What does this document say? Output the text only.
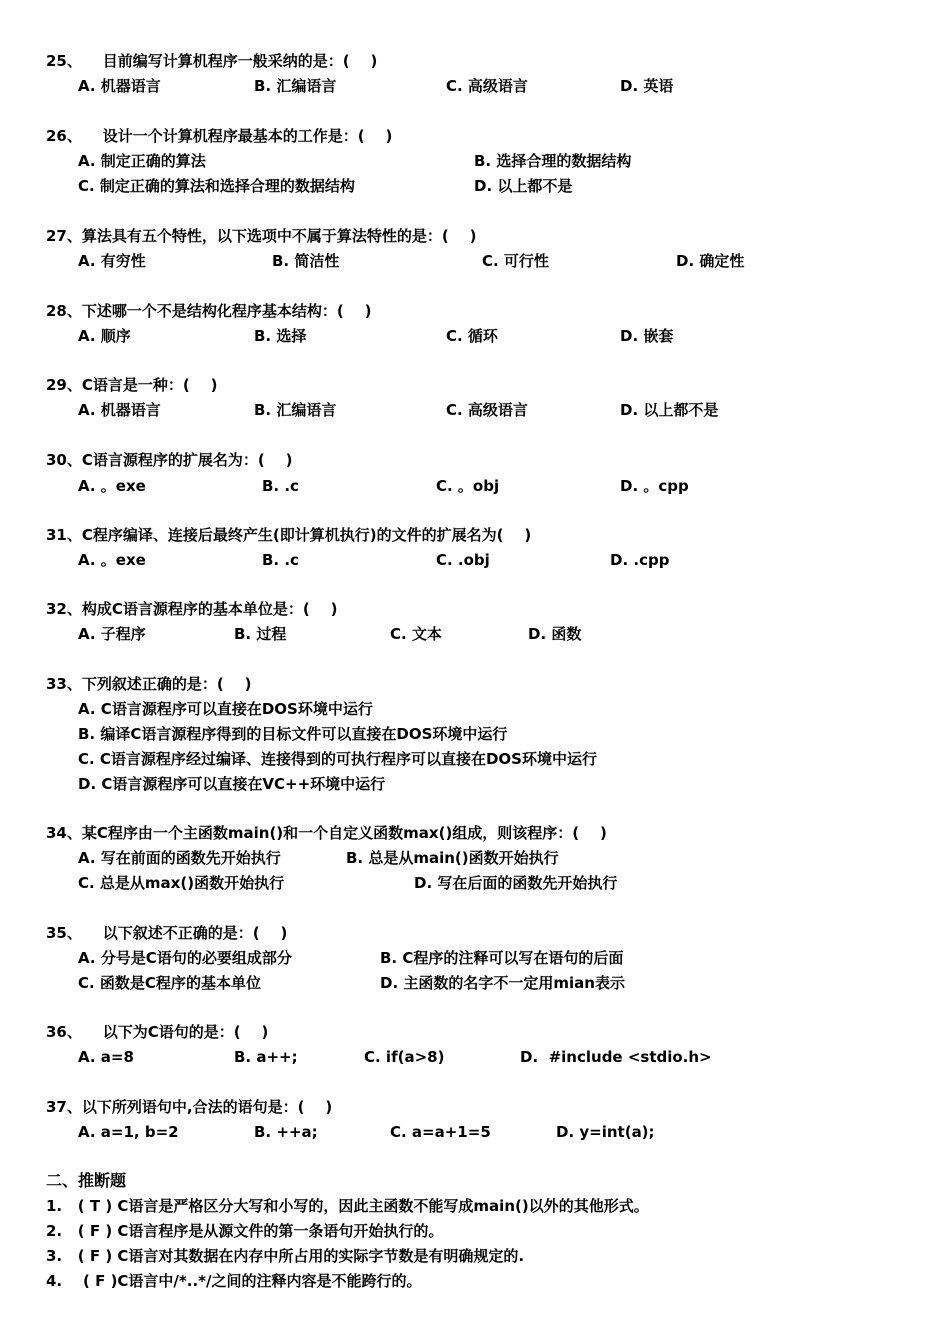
25、    目前编写计算机程序一般采纳的是：(    )
A. 机器语言	B. 汇编语言	C. 高级语言	D. 英语
26、    设计一个计算机程序最基本的工作是：(    )
A. 制定正确的算法	B. 选择合理的数据结构
C. 制定正确的算法和选择合理的数据结构	D. 以上都不是
27、算法具有五个特性，以下选项中不属于算法特性的是：(    )
A. 有穷性	B. 简洁性	C. 可行性	D. 确定性
28、下述哪一个不是结构化程序基本结构：(    )
A. 顺序	B. 选择	C. 循环	D. 嵌套
29、C语言是一种：(    )
A. 机器语言	B. 汇编语言	C. 高级语言	D. 以上都不是
30、C语言源程序的扩展名为：(    )
A. 。exe	B. .c	C. 。obj	D. 。cpp
31、C程序编译、连接后最终产生(即计算机执行)的文件的扩展名为(    )
A. 。exe	B. .c	C. .obj	D. .cpp
32、构成C语言源程序的基本单位是：(    )
A. 子程序	B. 过程	C. 文本	D. 函数
33、下列叙述正确的是：(    )
A. C语言源程序可以直接在DOS环境中运行
B. 编译C语言源程序得到的目标文件可以直接在DOS环境中运行
C. C语言源程序经过编译、连接得到的可执行程序可以直接在DOS环境中运行
D. C语言源程序可以直接在VC++环境中运行
34、某C程序由一个主函数main()和一个自定义函数max()组成，则该程序：(    )
A. 写在前面的函数先开始执行	B. 总是从main()函数开始执行
C. 总是从max()函数开始执行	D. 写在后面的函数先开始执行
35、    以下叙述不正确的是：(    )
A. 分号是C语句的必要组成部分	B. C程序的注释可以写在语句的后面
C. 函数是C程序的基本单位	D. 主函数的名字不一定用mian表示
36、    以下为C语句的是：(    )
A. a=8	B. a++;	C. if(a>8)	D.  #include <stdio.h>
37、以下所列语句中,合法的语句是：(    )
A. a=1, b=2	B. ++a;	C. a=a+1=5	D. y=int(a);
二、推断题
1.   ( T ) C语言是严格区分大写和小写的，因此主函数不能写成main()以外的其他形式。
2.   ( F ) C语言程序是从源文件的第一条语句开始执行的。
3.   ( F ) C语言对其数据在内存中所占用的实际字节数是有明确规定的.
4.    ( F )C语言中/*..*/之间的注释内容是不能跨行的。
